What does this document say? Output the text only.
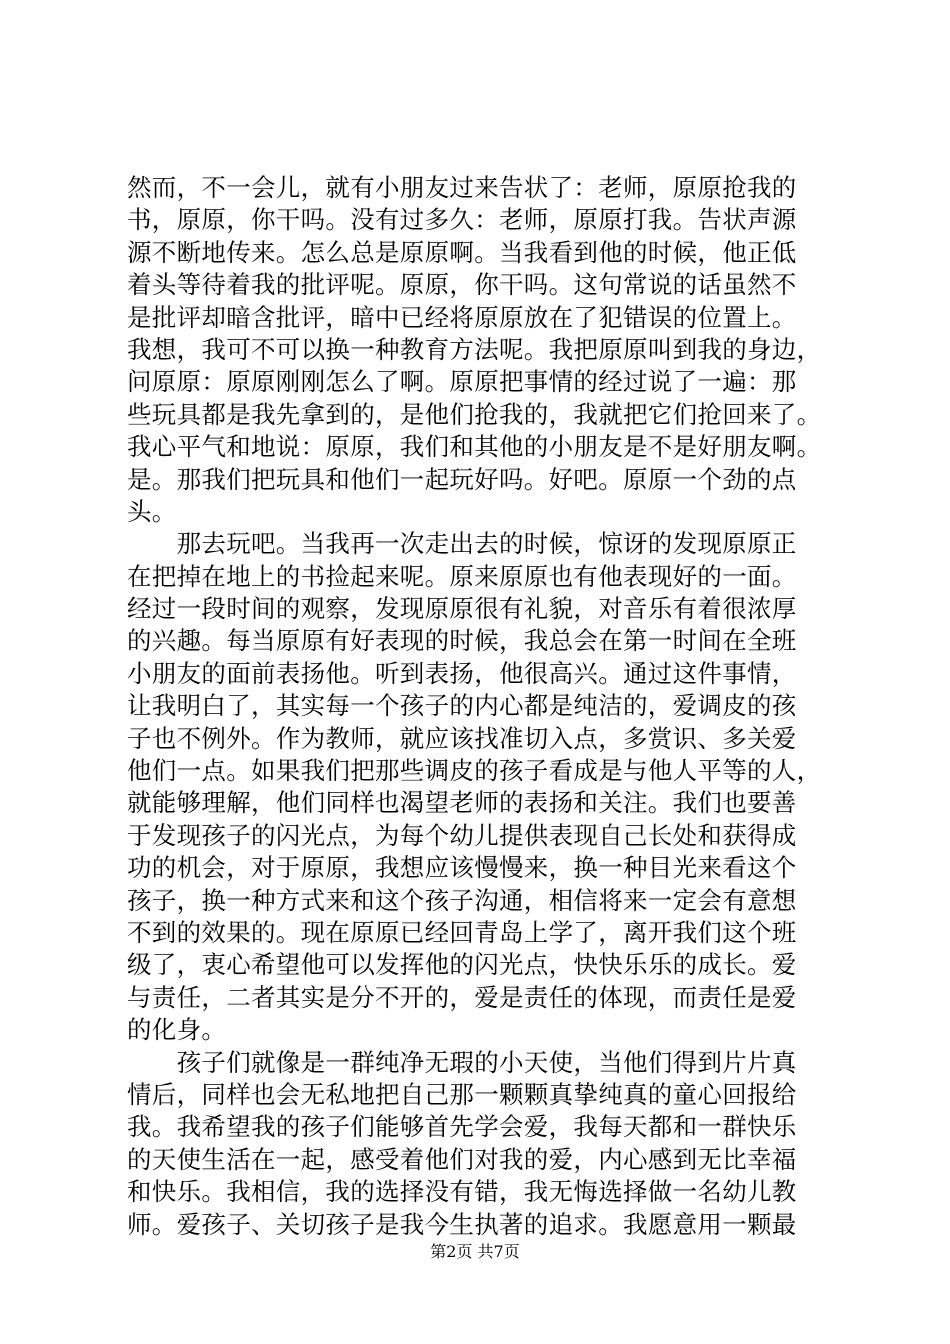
然而，不一会儿，就有小朋友过来告状了：老师，原原抢我的
书，原原，你干吗。没有过多久：老师，原原打我。告状声源
源不断地传来。怎么总是原原啊。当我看到他的时候，他正低
着头等待着我的批评呢。原原，你干吗。这句常说的话虽然不
是批评却暗含批评，暗中已经将原原放在了犯错误的位置上。
我想，我可不可以换一种教育方法呢。我把原原叫到我的身边，
问原原：原原刚刚怎么了啊。原原把事情的经过说了一遍：那
些玩具都是我先拿到的，是他们抢我的，我就把它们抢回来了。
我心平气和地说：原原，我们和其他的小朋友是不是好朋友啊。
是。那我们把玩具和他们一起玩好吗。好吧。原原一个劲的点
头。
　　那去玩吧。当我再一次走出去的时候，惊讶的发现原原正
在把掉在地上的书捡起来呢。原来原原也有他表现好的一面。
经过一段时间的观察，发现原原很有礼貌，对音乐有着很浓厚
的兴趣。每当原原有好表现的时候，我总会在第一时间在全班
小朋友的面前表扬他。听到表扬，他很高兴。通过这件事情，
让我明白了，其实每一个孩子的内心都是纯洁的，爱调皮的孩
子也不例外。作为教师，就应该找准切入点，多赏识、多关爱
他们一点。如果我们把那些调皮的孩子看成是与他人平等的人，
就能够理解，他们同样也渴望老师的表扬和关注。我们也要善
于发现孩子的闪光点，为每个幼儿提供表现自己长处和获得成
功的机会，对于原原，我想应该慢慢来，换一种目光来看这个
孩子，换一种方式来和这个孩子沟通，相信将来一定会有意想
不到的效果的。现在原原已经回青岛上学了，离开我们这个班
级了，衷心希望他可以发挥他的闪光点，快快乐乐的成长。爱
与责任，二者其实是分不开的，爱是责任的体现，而责任是爱
的化身。
　　孩子们就像是一群纯净无瑕的小天使，当他们得到片片真
情后，同样也会无私地把自己那一颗颗真挚纯真的童心回报给
我。我希望我的孩子们能够首先学会爱，我每天都和一群快乐
的天使生活在一起，感受着他们对我的爱，内心感到无比幸福
和快乐。我相信，我的选择没有错，我无悔选择做一名幼儿教
师。爱孩子、关切孩子是我今生执著的追求。我愿意用一颗最
第2页 共7页
